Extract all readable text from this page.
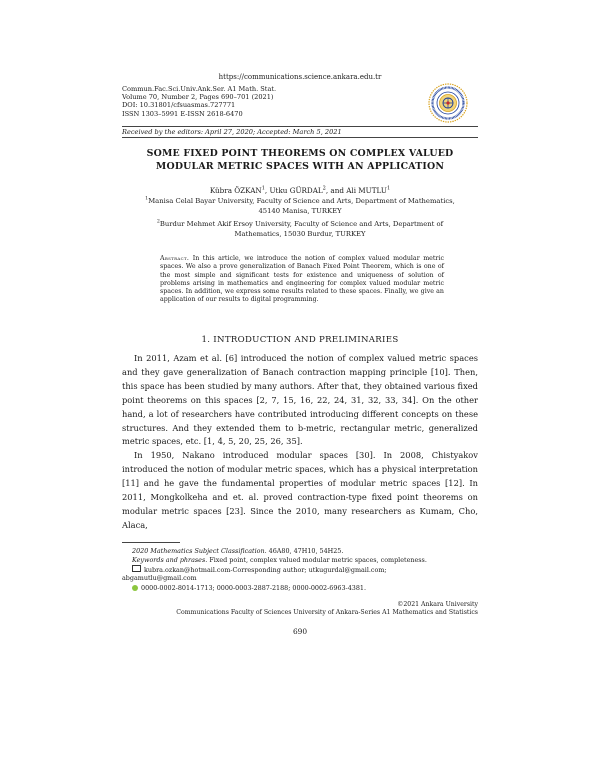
https://communications.science.ankara.edu.tr
Commun.Fac.Sci.Univ.Ank.Ser. A1 Math. Stat.
Volume 70, Number 2, Pages 690–701 (2021)
DOI: 10.31801/cfsuasmas.727771
ISSN 1303–5991 E-ISSN 2618-6470
Received by the editors: April 27, 2020; Accepted: March 5, 2021
SOME FIXED POINT THEOREMS ON COMPLEX VALUED
MODULAR METRIC SPACES WITH AN APPLICATION
Kübra ÖZKAN$^1$, Utku GÜRDAL$^2$, and Ali MUTLU$^1$
$^1$Manisa Celal Bayar University, Faculty of Science and Arts, Department of Mathematics,
45140 Manisa, TURKEY
$^2$Burdur Mehmet Akif Ersoy University, Faculty of Science and Arts, Department of
Mathematics, 15030 Burdur, TURKEY
Abstract. In this article, we introduce the notion of complex valued modular metric spaces. We also a prove generalization of Banach Fixed Point Theorem, which is one of the most simple and significant tests for existence and uniqueness of solution of problems arising in mathematics and engineering for complex valued modular metric spaces. In addition, we express some results related to these spaces. Finally, we give an application of our results to digital programming.
1. INTRODUCTION AND PRELIMINARIES

In 2011, Azam et al. [6] introduced the notion of complex valued metric spaces and they gave generalization of Banach contraction mapping principle [10]. Then, this space has been studied by many authors. After that, they obtained various fixed point theorems on this spaces [2, 7, 15, 16, 22, 24, 31, 32, 33, 34]. On the other hand, a lot of researchers have contributed introducing different concepts on these structures. And they extended them to b-metric, rectangular metric, generalized metric spaces, etc. [1, 4, 5, 20, 25, 26, 35].

In 1950, Nakano introduced modular spaces [30]. In 2008, Chistyakov introduced the notion of modular metric spaces, which has a physical interpretation [11] and he gave the fundamental properties of modular metric spaces [12]. In 2011, Mongkolkeha and et. al. proved contraction-type fixed point theorems on modular metric spaces [23]. Since the 2010, many researchers as Kumam, Cho, Alaca,

2020 Mathematics Subject Classification. 46A80, 47H10, 54H25.
Keywords and phrases. Fixed point, complex valued modular metric spaces, completeness.
kubra.ozkan@hotmail.com-Corresponding author; utkugurdal@gmail.com;
abgamutlu@gmail.com
0000-0002-8014-1713; 0000-0003-2887-2188; 0000-0002-6963-4381.
©2021 Ankara University
Communications Faculty of Sciences University of Ankara-Series A1 Mathematics and Statistics
690
